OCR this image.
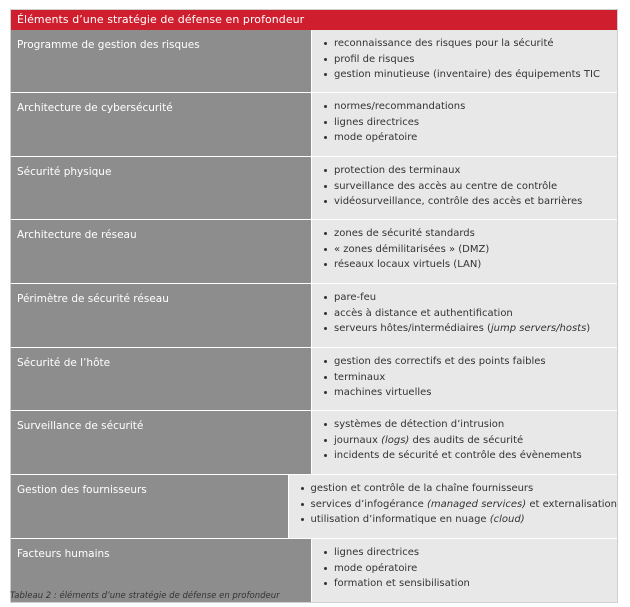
Éléments d’une stratégie de défense en profondeur
Programme de gestion des risques	reconnaissance des risques pour la sécurité
profil de risques
gestion minutieuse (inventaire) des équipements TIC
Architecture de cybersécurité	normes/recommandations
lignes directrices
mode opératoire
Sécurité physique	protection des terminaux
surveillance des accès au centre de contrôle
vidéosurveillance, contrôle des accès et barrières
Architecture de réseau	zones de sécurité standards
« zones démilitarisées » (DMZ)
réseaux locaux virtuels (LAN)
Périmètre de sécurité réseau	pare-feu
accès à distance et authentification
serveurs hôtes/intermédiaires (jump servers/hosts)
Sécurité de l’hôte	gestion des correctifs et des points faibles
terminaux
machines virtuelles
Surveillance de sécurité	systèmes de détection d’intrusion
journaux (logs) des audits de sécurité
incidents de sécurité et contrôle des évènements
Gestion des fournisseurs	gestion et contrôle de la chaîne fournisseurs
services d’infogérance (managed services) et externalisation
utilisation d’informatique en nuage (cloud)
Facteurs humains	lignes directrices
mode opératoire
formation et sensibilisation
Tableau 2 : éléments d’une stratégie de défense en profondeur
